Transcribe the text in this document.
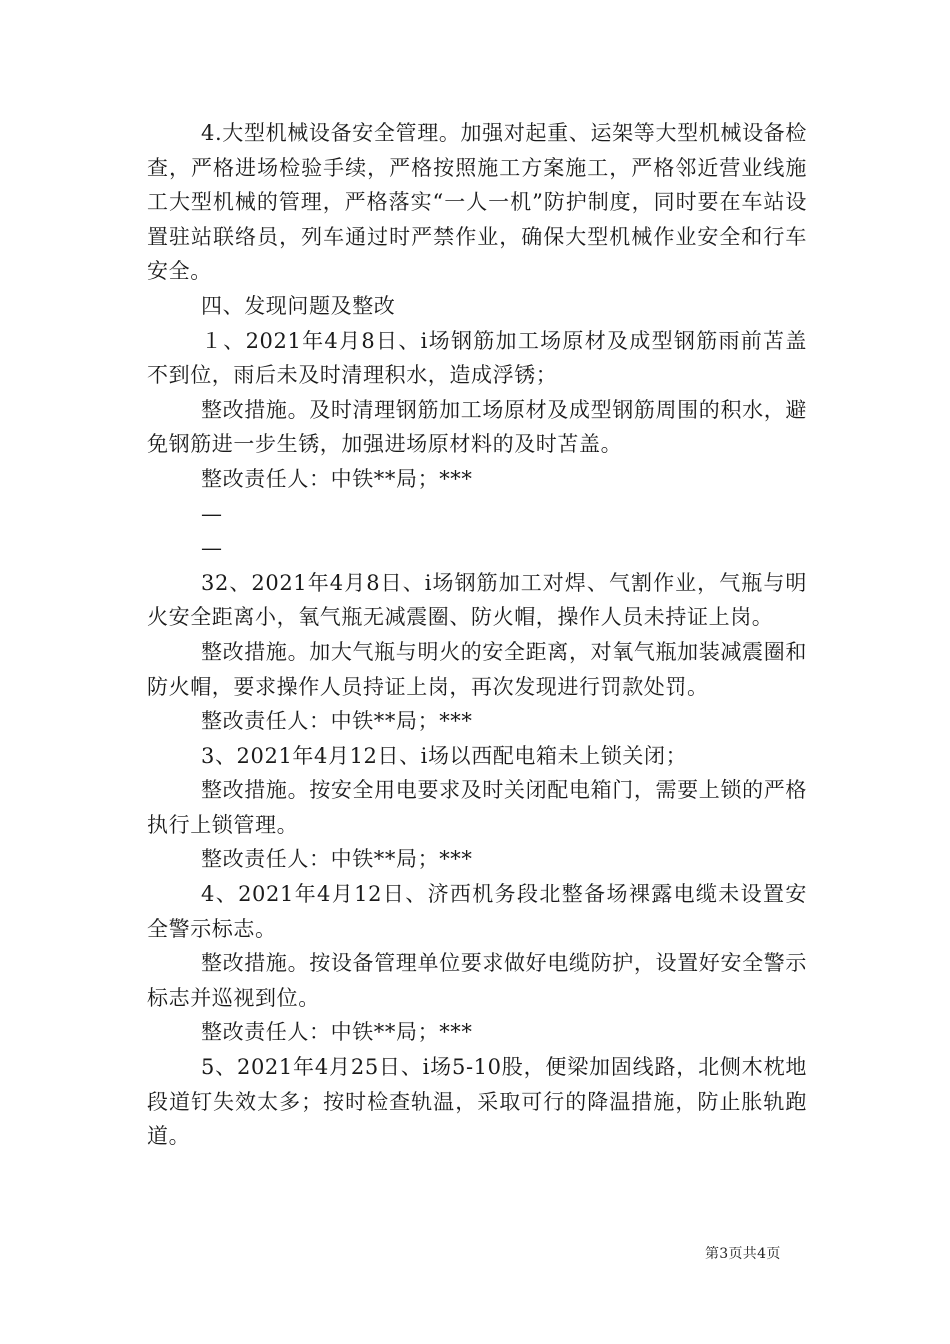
4.大型机械设备安全管理。加强对起重、运架等大型机械设备检查，严格进场检验手续，严格按照施工方案施工，严格邻近营业线施工大型机械的管理，严格落实“一人一机”防护制度，同时要在车站设置驻站联络员，列车通过时严禁作业，确保大型机械作业安全和行车安全。

四、发现问题及整改

１、2021年4月8日、i场钢筋加工场原材及成型钢筋雨前苫盖不到位，雨后未及时清理积水，造成浮锈；

整改措施。及时清理钢筋加工场原材及成型钢筋周围的积水，避免钢筋进一步生锈，加强进场原材料的及时苫盖。

整改责任人：中铁**局；***

—

—

32、2021年4月8日、i场钢筋加工对焊、气割作业，气瓶与明火安全距离小，氧气瓶无减震圈、防火帽，操作人员未持证上岗。

整改措施。加大气瓶与明火的安全距离，对氧气瓶加装减震圈和防火帽，要求操作人员持证上岗，再次发现进行罚款处罚。

整改责任人：中铁**局；***

3、2021年4月12日、i场以西配电箱未上锁关闭；

整改措施。按安全用电要求及时关闭配电箱门，需要上锁的严格执行上锁管理。

整改责任人：中铁**局；***

4、2021年4月12日、济西机务段北整备场裸露电缆未设置安全警示标志。

整改措施。按设备管理单位要求做好电缆防护，设置好安全警示标志并巡视到位。

整改责任人：中铁**局；***

5、2021年4月25日、i场5-10股，便梁加固线路，北侧木枕地段道钉失效太多；按时检查轨温，采取可行的降温措施，防止胀轨跑道。

第3页共4页
